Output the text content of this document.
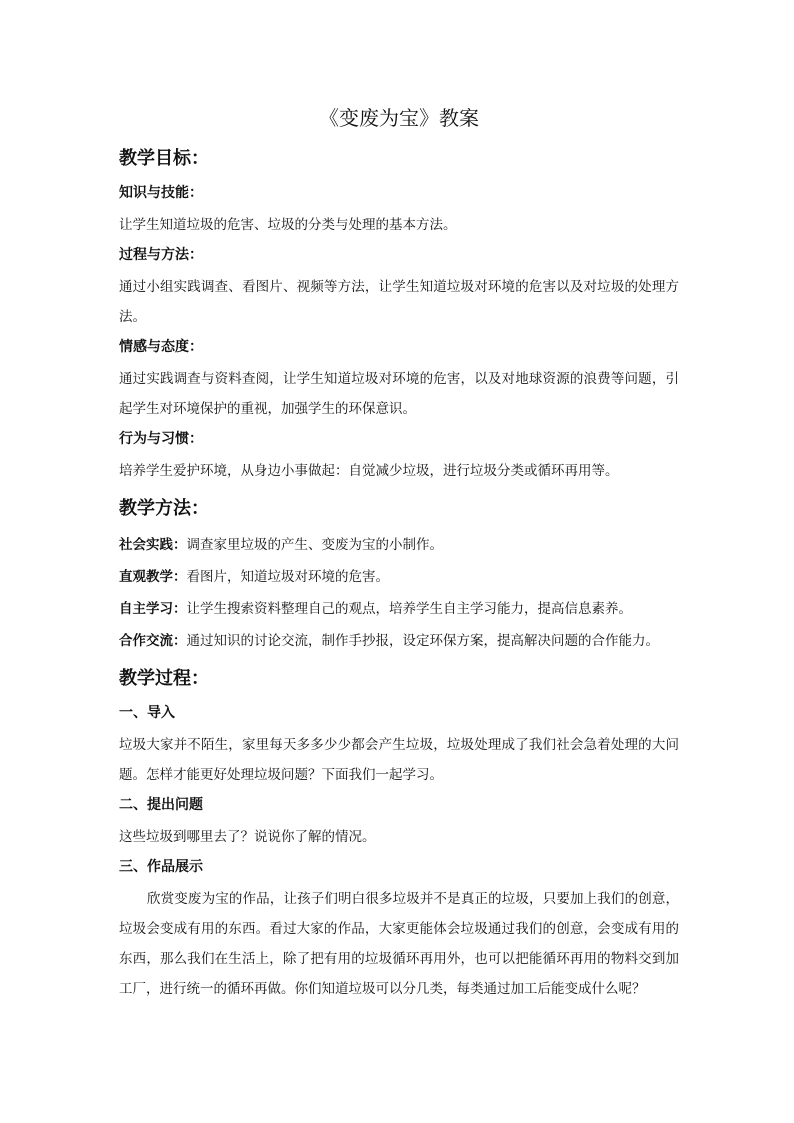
《变废为宝》教案
教学目标：
知识与技能：
让学生知道垃圾的危害、垃圾的分类与处理的基本方法。
过程与方法：
通过小组实践调查、看图片、视频等方法，让学生知道垃圾对环境的危害以及对垃圾的处理方法。
情感与态度：
通过实践调查与资料查阅，让学生知道垃圾对环境的危害，以及对地球资源的浪费等问题，引起学生对环境保护的重视，加强学生的环保意识。
行为与习惯：
培养学生爱护环境，从身边小事做起：自觉减少垃圾，进行垃圾分类或循环再用等。
教学方法：
社会实践：调查家里垃圾的产生、变废为宝的小制作。
直观教学：看图片，知道垃圾对环境的危害。
自主学习：让学生搜索资料整理自己的观点，培养学生自主学习能力，提高信息素养。
合作交流：通过知识的讨论交流，制作手抄报，设定环保方案，提高解决问题的合作能力。
教学过程：
一、导入
垃圾大家并不陌生，家里每天多多少少都会产生垃圾，垃圾处理成了我们社会急着处理的大问题。怎样才能更好处理垃圾问题？下面我们一起学习。
二、提出问题
这些垃圾到哪里去了？说说你了解的情况。
三、作品展示
欣赏变废为宝的作品，让孩子们明白很多垃圾并不是真正的垃圾，只要加上我们的创意，垃圾会变成有用的东西。看过大家的作品，大家更能体会垃圾通过我们的创意，会变成有用的东西，那么我们在生活上，除了把有用的垃圾循环再用外，也可以把能循环再用的物料交到加工厂，进行统一的循环再做。你们知道垃圾可以分几类，每类通过加工后能变成什么呢？
